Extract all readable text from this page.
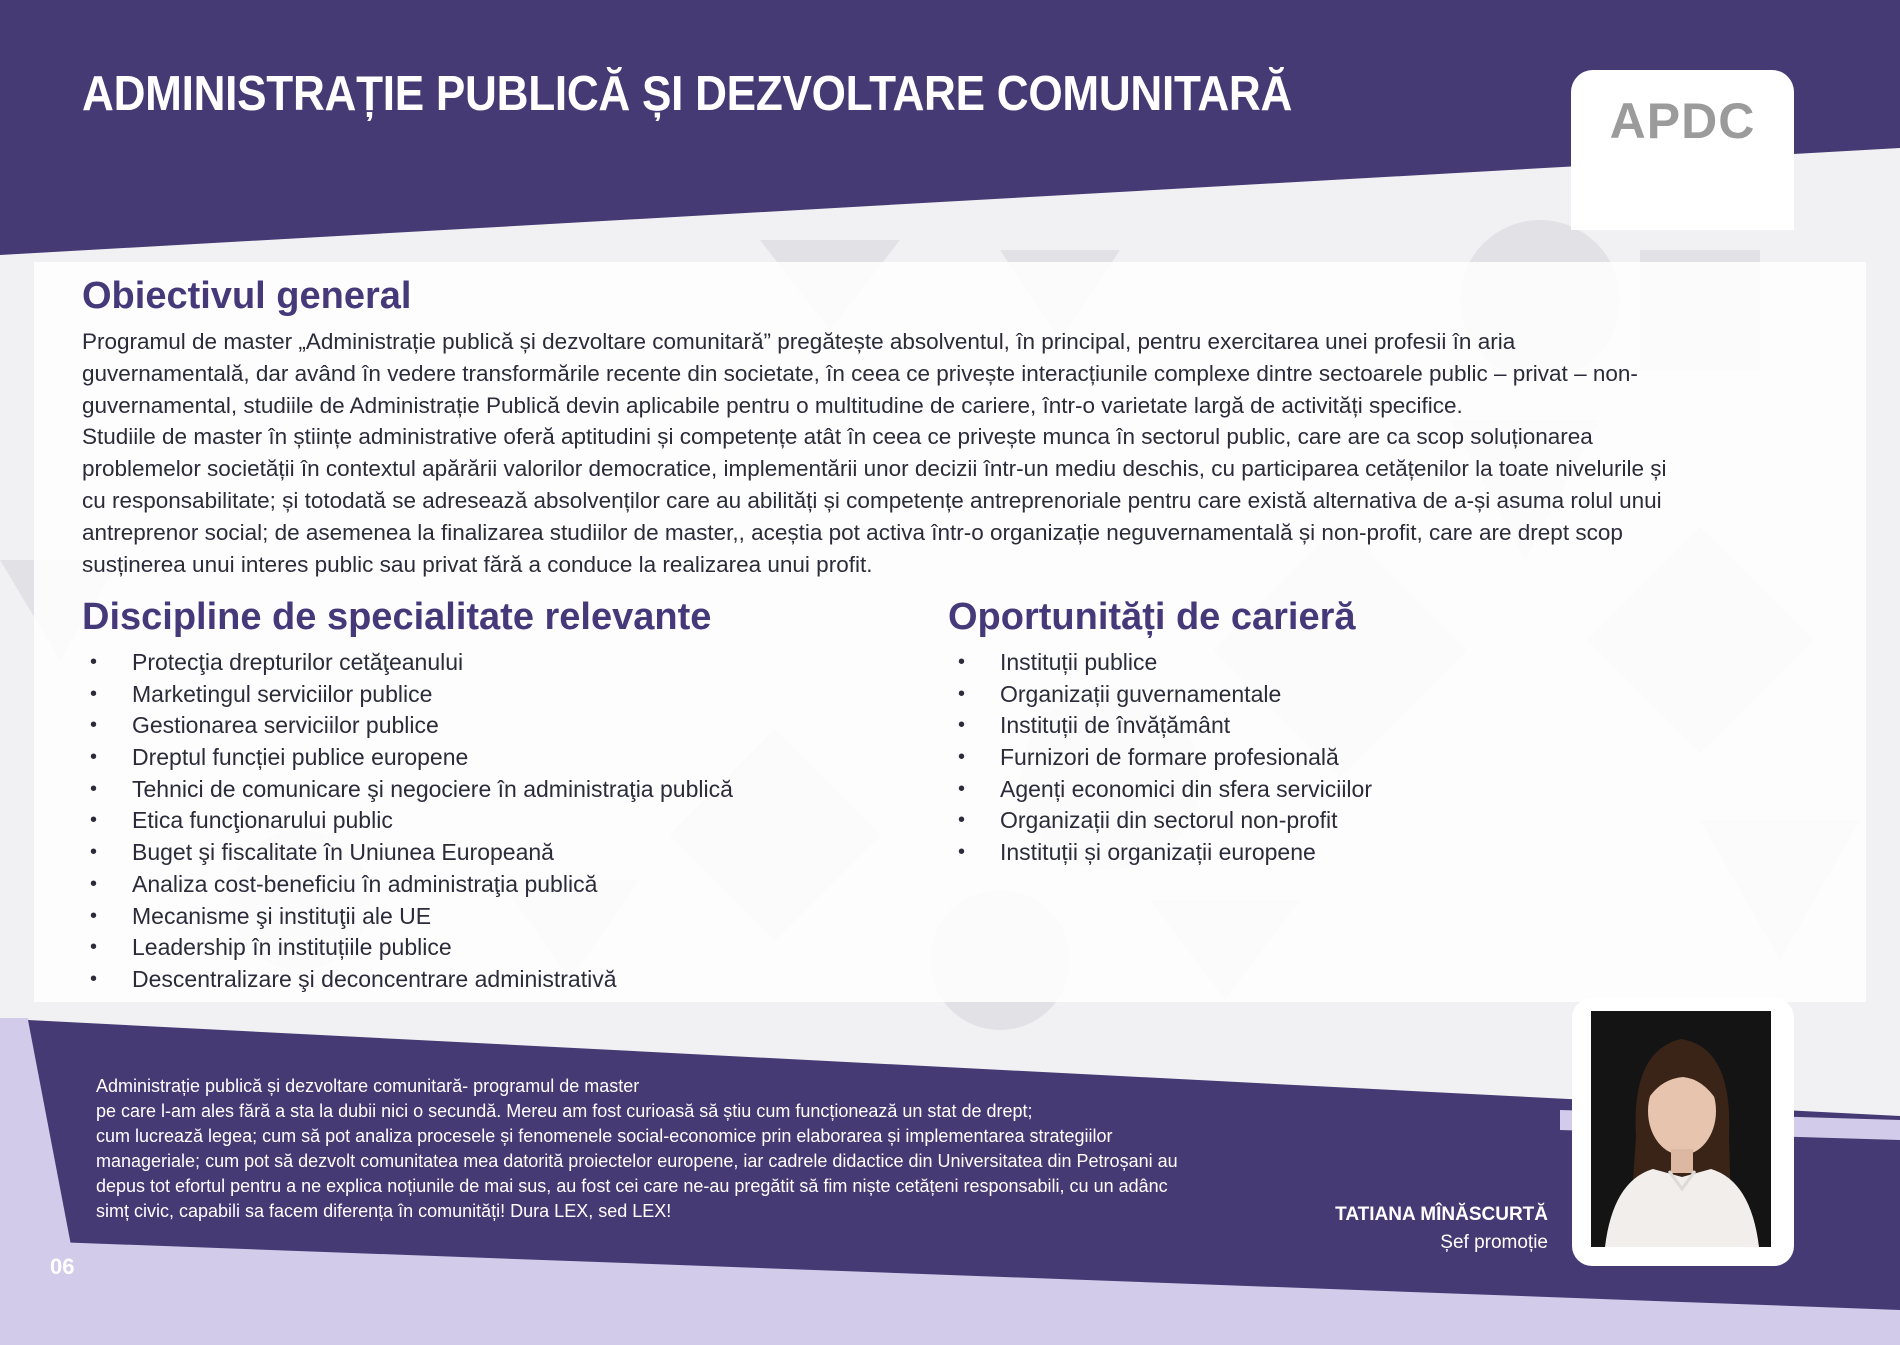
ADMINISTRAȚIE PUBLICĂ ȘI DEZVOLTARE COMUNITARĂ	APDC
Obiectivul general

Programul de master „Administrație publică și dezvoltare comunitară” pregătește absolventul, în principal, pentru exercitarea unei profesii în aria

guvernamentală, dar având în vedere transformările recente din societate, în ceea ce privește interacțiunile complexe dintre sectoarele public – privat – non-

guvernamental, studiile de Administrație Publică devin aplicabile pentru o multitudine de cariere, într-o varietate largă de activități specifice.

Studiile de master în științe administrative oferă aptitudini și competențe atât în ceea ce privește munca în sectorul public, care are ca scop soluționarea

problemelor societății în contextul apărării valorilor democratice, implementării unor decizii într-un mediu deschis, cu participarea cetățenilor la toate nivelurile și

cu responsabilitate; și totodată se adresează absolvenților care au abilități și competențe antreprenoriale pentru care există alternativa de a-și asuma rolul unui

antreprenor social; de asemenea la finalizarea studiilor de master,, aceștia pot activa într-o organizație neguvernamentală și non-profit, care are drept scop

susținerea unui interes public sau privat fără a conduce la realizarea unui profit.

Discipline de specialitate relevante
• Protecţia drepturilor cetăţeanului
• Marketingul serviciilor publice
• Gestionarea serviciilor publice
• Dreptul funcției publice europene
• Tehnici de comunicare şi negociere în administraţia publică
• Etica funcţionarului public
• Buget şi fiscalitate în Uniunea Europeană
• Analiza cost-beneficiu în administraţia publică
• Mecanisme şi instituţii ale UE
• Leadership în instituțiile publice
• Descentralizare şi deconcentrare administrativă
Oportunități de carieră
• Instituții publice
• Organizații guvernamentale
• Instituții de învățământ
• Furnizori de formare profesională
• Agenți economici din sfera serviciilor
• Organizații din sectorul non-profit
• Instituții și organizații europene

Administrație publică și dezvoltare comunitară- programul de master

pe care l-am ales fără a sta la dubii nici o secundă. Mereu am fost curioasă să știu cum funcționează un stat de drept;

cum lucrează legea; cum să pot analiza procesele și fenomenele social-economice prin elaborarea și implementarea strategiilor

manageriale; cum pot să dezvolt comunitatea mea datorită proiectelor europene, iar cadrele didactice din Universitatea din Petroșani au

depus tot efortul pentru a ne explica noțiunile de mai sus, au fost cei care ne-au pregătit să fim niște cetățeni responsabili, cu un adânc

simț civic, capabili sa facem diferența în comunități! Dura LEX, sed LEX!	TATIANA MÎNĂSCURTĂ

Șef promoție

06
